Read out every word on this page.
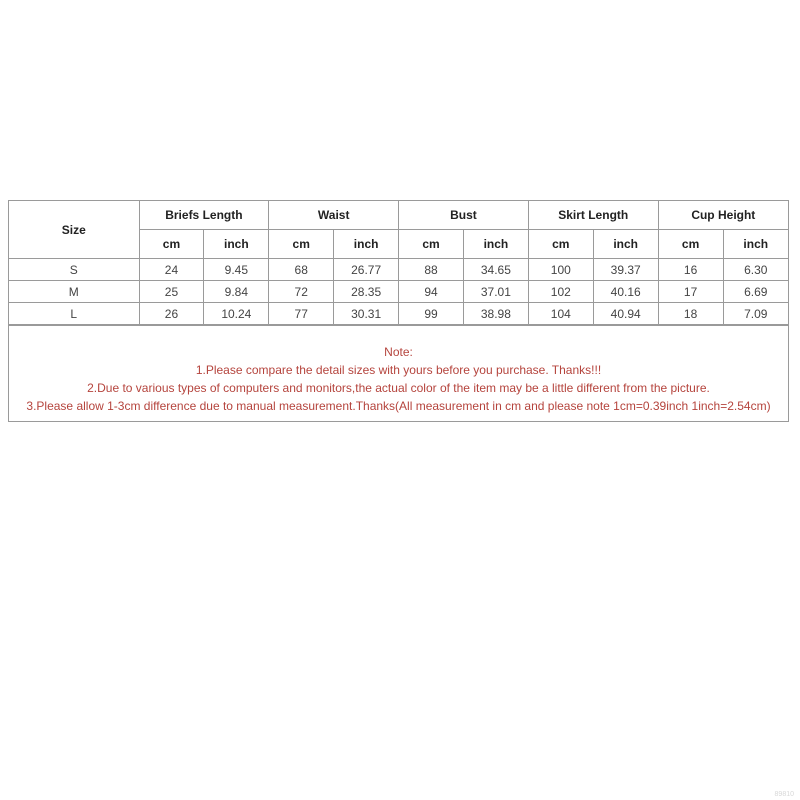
Size	Briefs Length		Waist		Bust		Skirt Length		Cup Height	
	cm	inch	cm	inch	cm	inch	cm	inch	cm	inch
S	24	9.45	68	26.77	88	34.65	100	39.37	16	6.30
M	25	9.84	72	28.35	94	37.01	102	40.16	17	6.69
L	26	10.24	77	30.31	99	38.98	104	40.94	18	7.09
Note:
1.Please compare the detail sizes with yours before you purchase. Thanks!!!
2.Due to various types of computers and monitors,the actual color of the item may be a little different from the picture.
3.Please allow 1-3cm difference due to manual measurement.Thanks(All measurement in cm and please note 1cm=0.39inch 1inch=2.54cm)
89810
